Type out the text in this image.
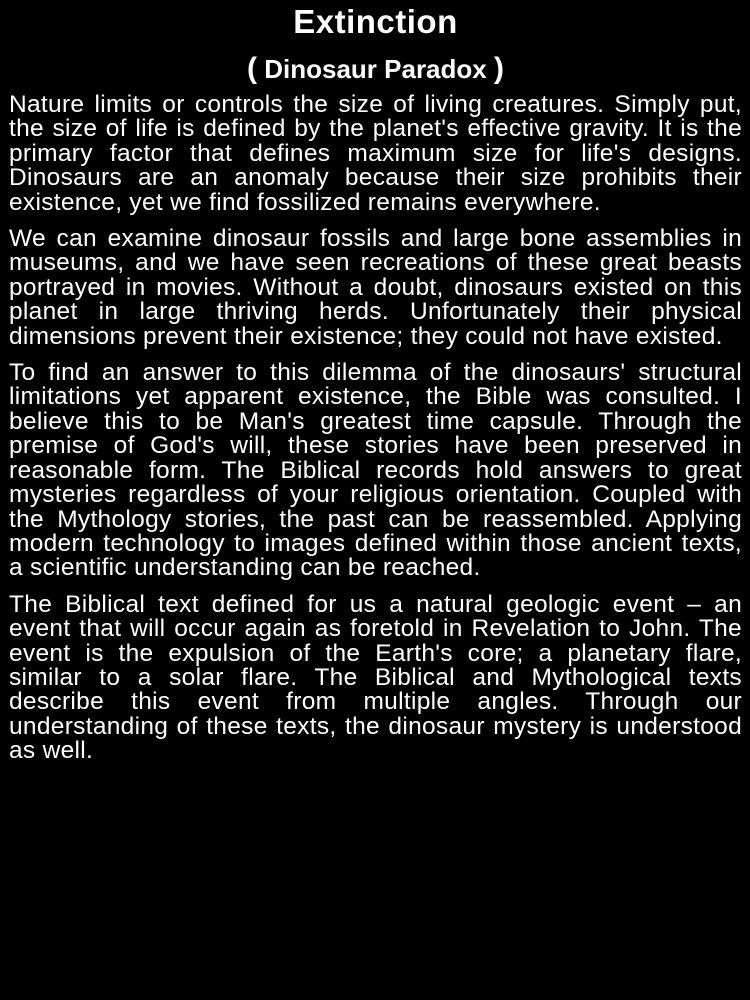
Extinction
( Dinosaur Paradox )

Nature limits or controls the size of living creatures. Simply put, the size of life is defined by the planet's effective gravity. It is the primary factor that defines maximum size for life's designs. Dinosaurs are an anomaly because their size prohibits their existence, yet we find fossilized remains everywhere.

We can examine dinosaur fossils and large bone assemblies in museums, and we have seen recreations of these great beasts portrayed in movies. Without a doubt, dinosaurs existed on this planet in large thriving herds. Unfortunately their physical dimensions prevent their existence; they could not have existed.

To find an answer to this dilemma of the dinosaurs' structural limitations yet apparent existence, the Bible was consulted. I believe this to be Man's greatest time capsule. Through the premise of God's will, these stories have been preserved in reasonable form. The Biblical records hold answers to great mysteries regardless of your religious orientation. Coupled with the Mythology stories, the past can be reassembled. Applying modern technology to images defined within those ancient texts, a scientific understanding can be reached.

The Biblical text defined for us a natural geologic event – an event that will occur again as foretold in Revelation to John. The event is the expulsion of the Earth's core; a planetary flare, similar to a solar flare. The Biblical and Mythological texts describe this event from multiple angles. Through our understanding of these texts, the dinosaur mystery is understood as well.
